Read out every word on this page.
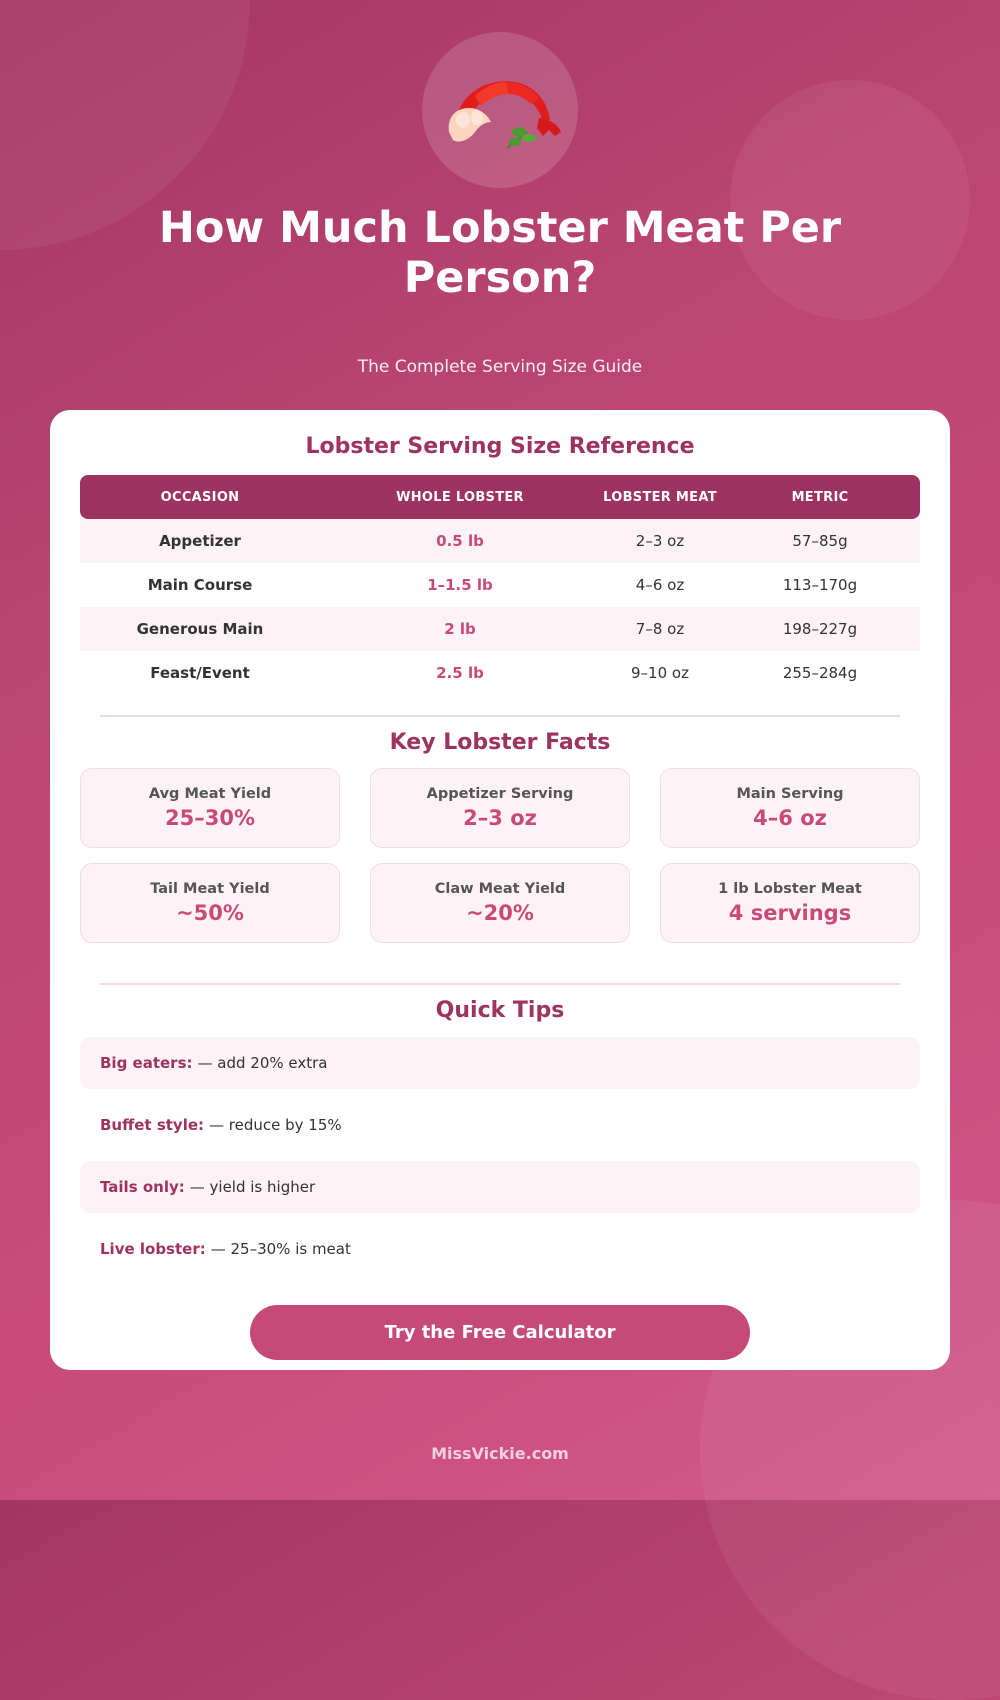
How Much Lobster Meat Per Person?
The Complete Serving Size Guide
Lobster Serving Size Reference
OCCASION	WHOLE LOBSTER	LOBSTER MEAT	METRIC
Appetizer	0.5 lb	2–3 oz	57–85g
Main Course	1–1.5 lb	4–6 oz	113–170g
Generous Main	2 lb	7–8 oz	198–227g
Feast/Event	2.5 lb	9–10 oz	255–284g
Key Lobster Facts
Avg Meat Yield
25–30%
Appetizer Serving
2–3 oz
Main Serving
4–6 oz
Tail Meat Yield
~50%
Claw Meat Yield
~20%
1 lb Lobster Meat
4 servings
Quick Tips
Big eaters: — add 20% extra
Buffet style: — reduce by 15%
Tails only: — yield is higher
Live lobster: — 25–30% is meat
Try the Free Calculator
MissVickie.com
